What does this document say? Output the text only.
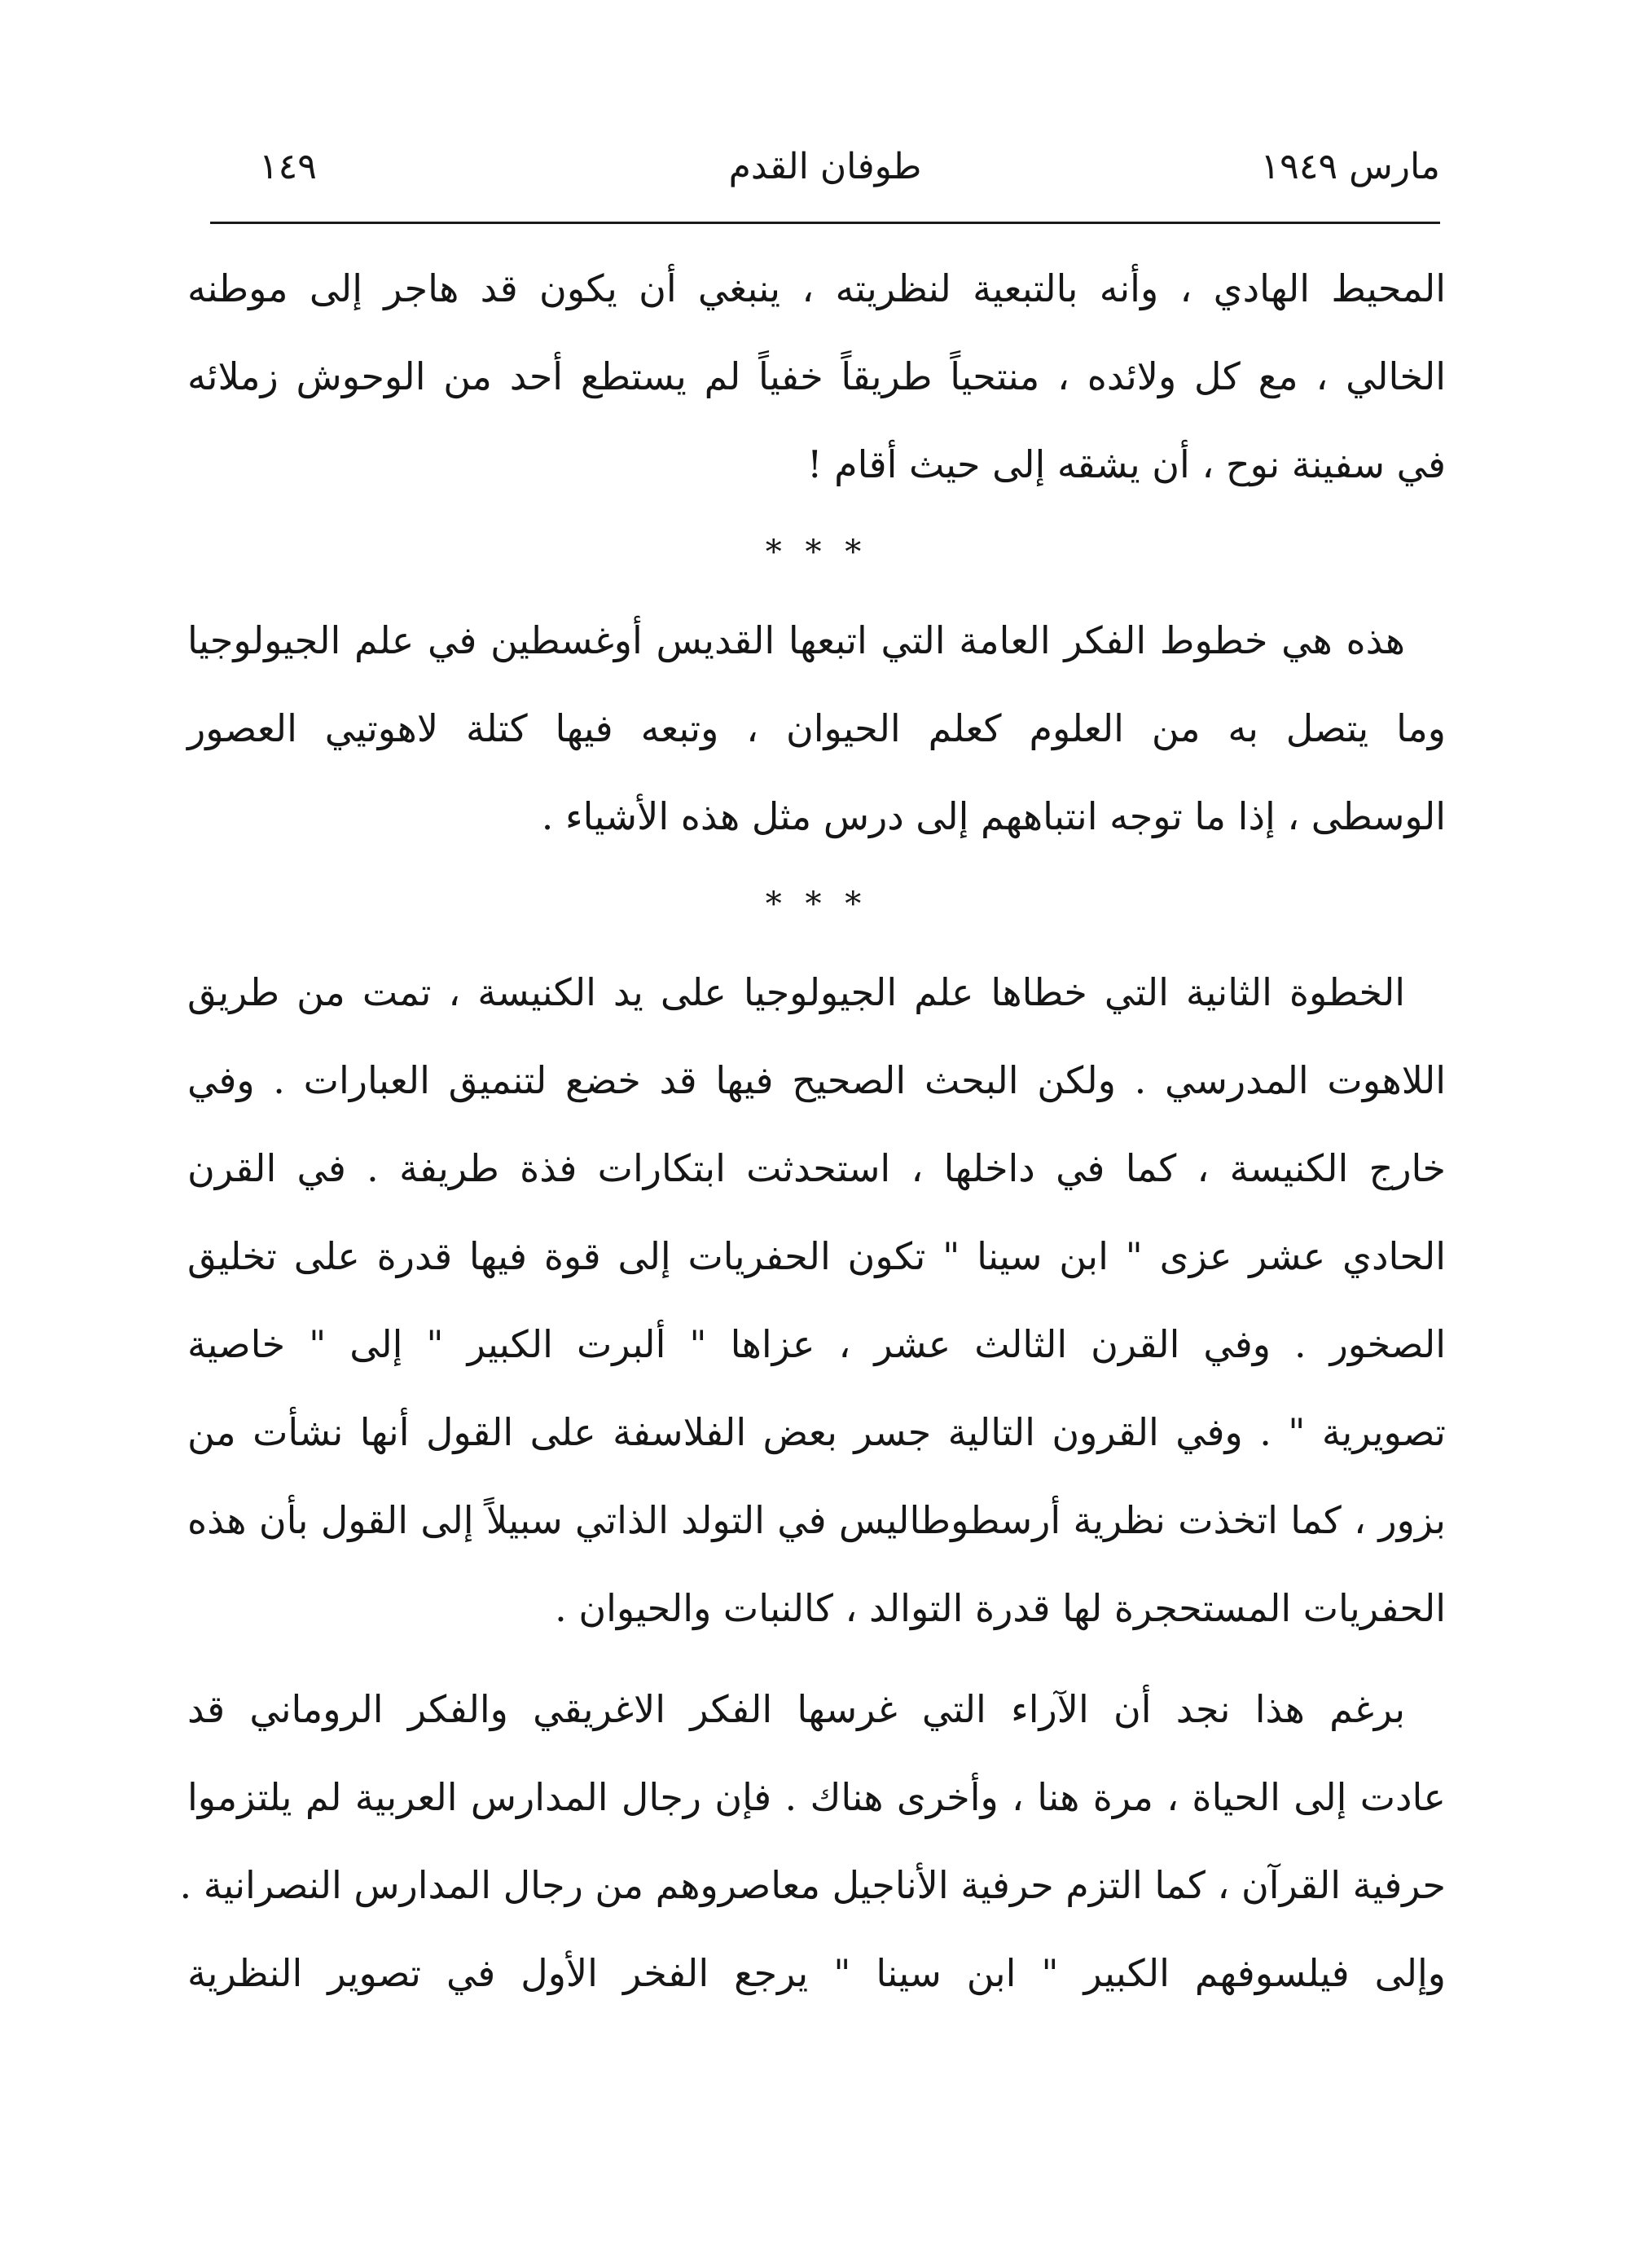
مارس ١٩٤٩
طوفان القدم
١٤٩
المحيط الهادي ، وأنه بالتبعية لنظريته ، ينبغي أن يكون قد هاجر إلى موطنه
الخالي ، مع كل ولائده ، منتحياً طريقاً خفياً لم يستطع أحد من الوحوش زملائه
في سفينة نوح ، أن يشقه إلى حيث أقام !
* * *
هذه هي خطوط الفكر العامة التي اتبعها القديس أوغسطين في علم الجيولوجيا
وما يتصل به من العلوم كعلم الحيوان ، وتبعه فيها كتلة لاهوتيي العصور
الوسطى ، إذا ما توجه انتباههم إلى درس مثل هذه الأشياء .
* * *
الخطوة الثانية التي خطاها علم الجيولوجيا على يد الكنيسة ، تمت من طريق
اللاهوت المدرسي . ولكن البحث الصحيح فيها قد خضع لتنميق العبارات . وفي
خارج الكنيسة ، كما في داخلها ، استحدثت ابتكارات فذة طريفة . في القرن
الحادي عشر عزى " ابن سينا " تكون الحفريات إلى قوة فيها قدرة على تخليق
الصخور . وفي القرن الثالث عشر ، عزاها " ألبرت الكبير " إلى " خاصية
تصويرية " . وفي القرون التالية جسر بعض الفلاسفة على القول أنها نشأت من
بزور ، كما اتخذت نظرية أرسطوطاليس في التولد الذاتي سبيلاً إلى القول بأن هذه
الحفريات المستحجرة لها قدرة التوالد ، كالنبات والحيوان .
برغم هذا نجد أن الآراء التي غرسها الفكر الاغريقي والفكر الروماني قد
عادت إلى الحياة ، مرة هنا ، وأخرى هناك . فإن رجال المدارس العربية لم يلتزموا
حرفية القرآن ، كما التزم حرفية الأناجيل معاصروهم من رجال المدارس النصرانية .
وإلى فيلسوفهم الكبير " ابن سينا " يرجع الفخر الأول في تصوير النظرية
